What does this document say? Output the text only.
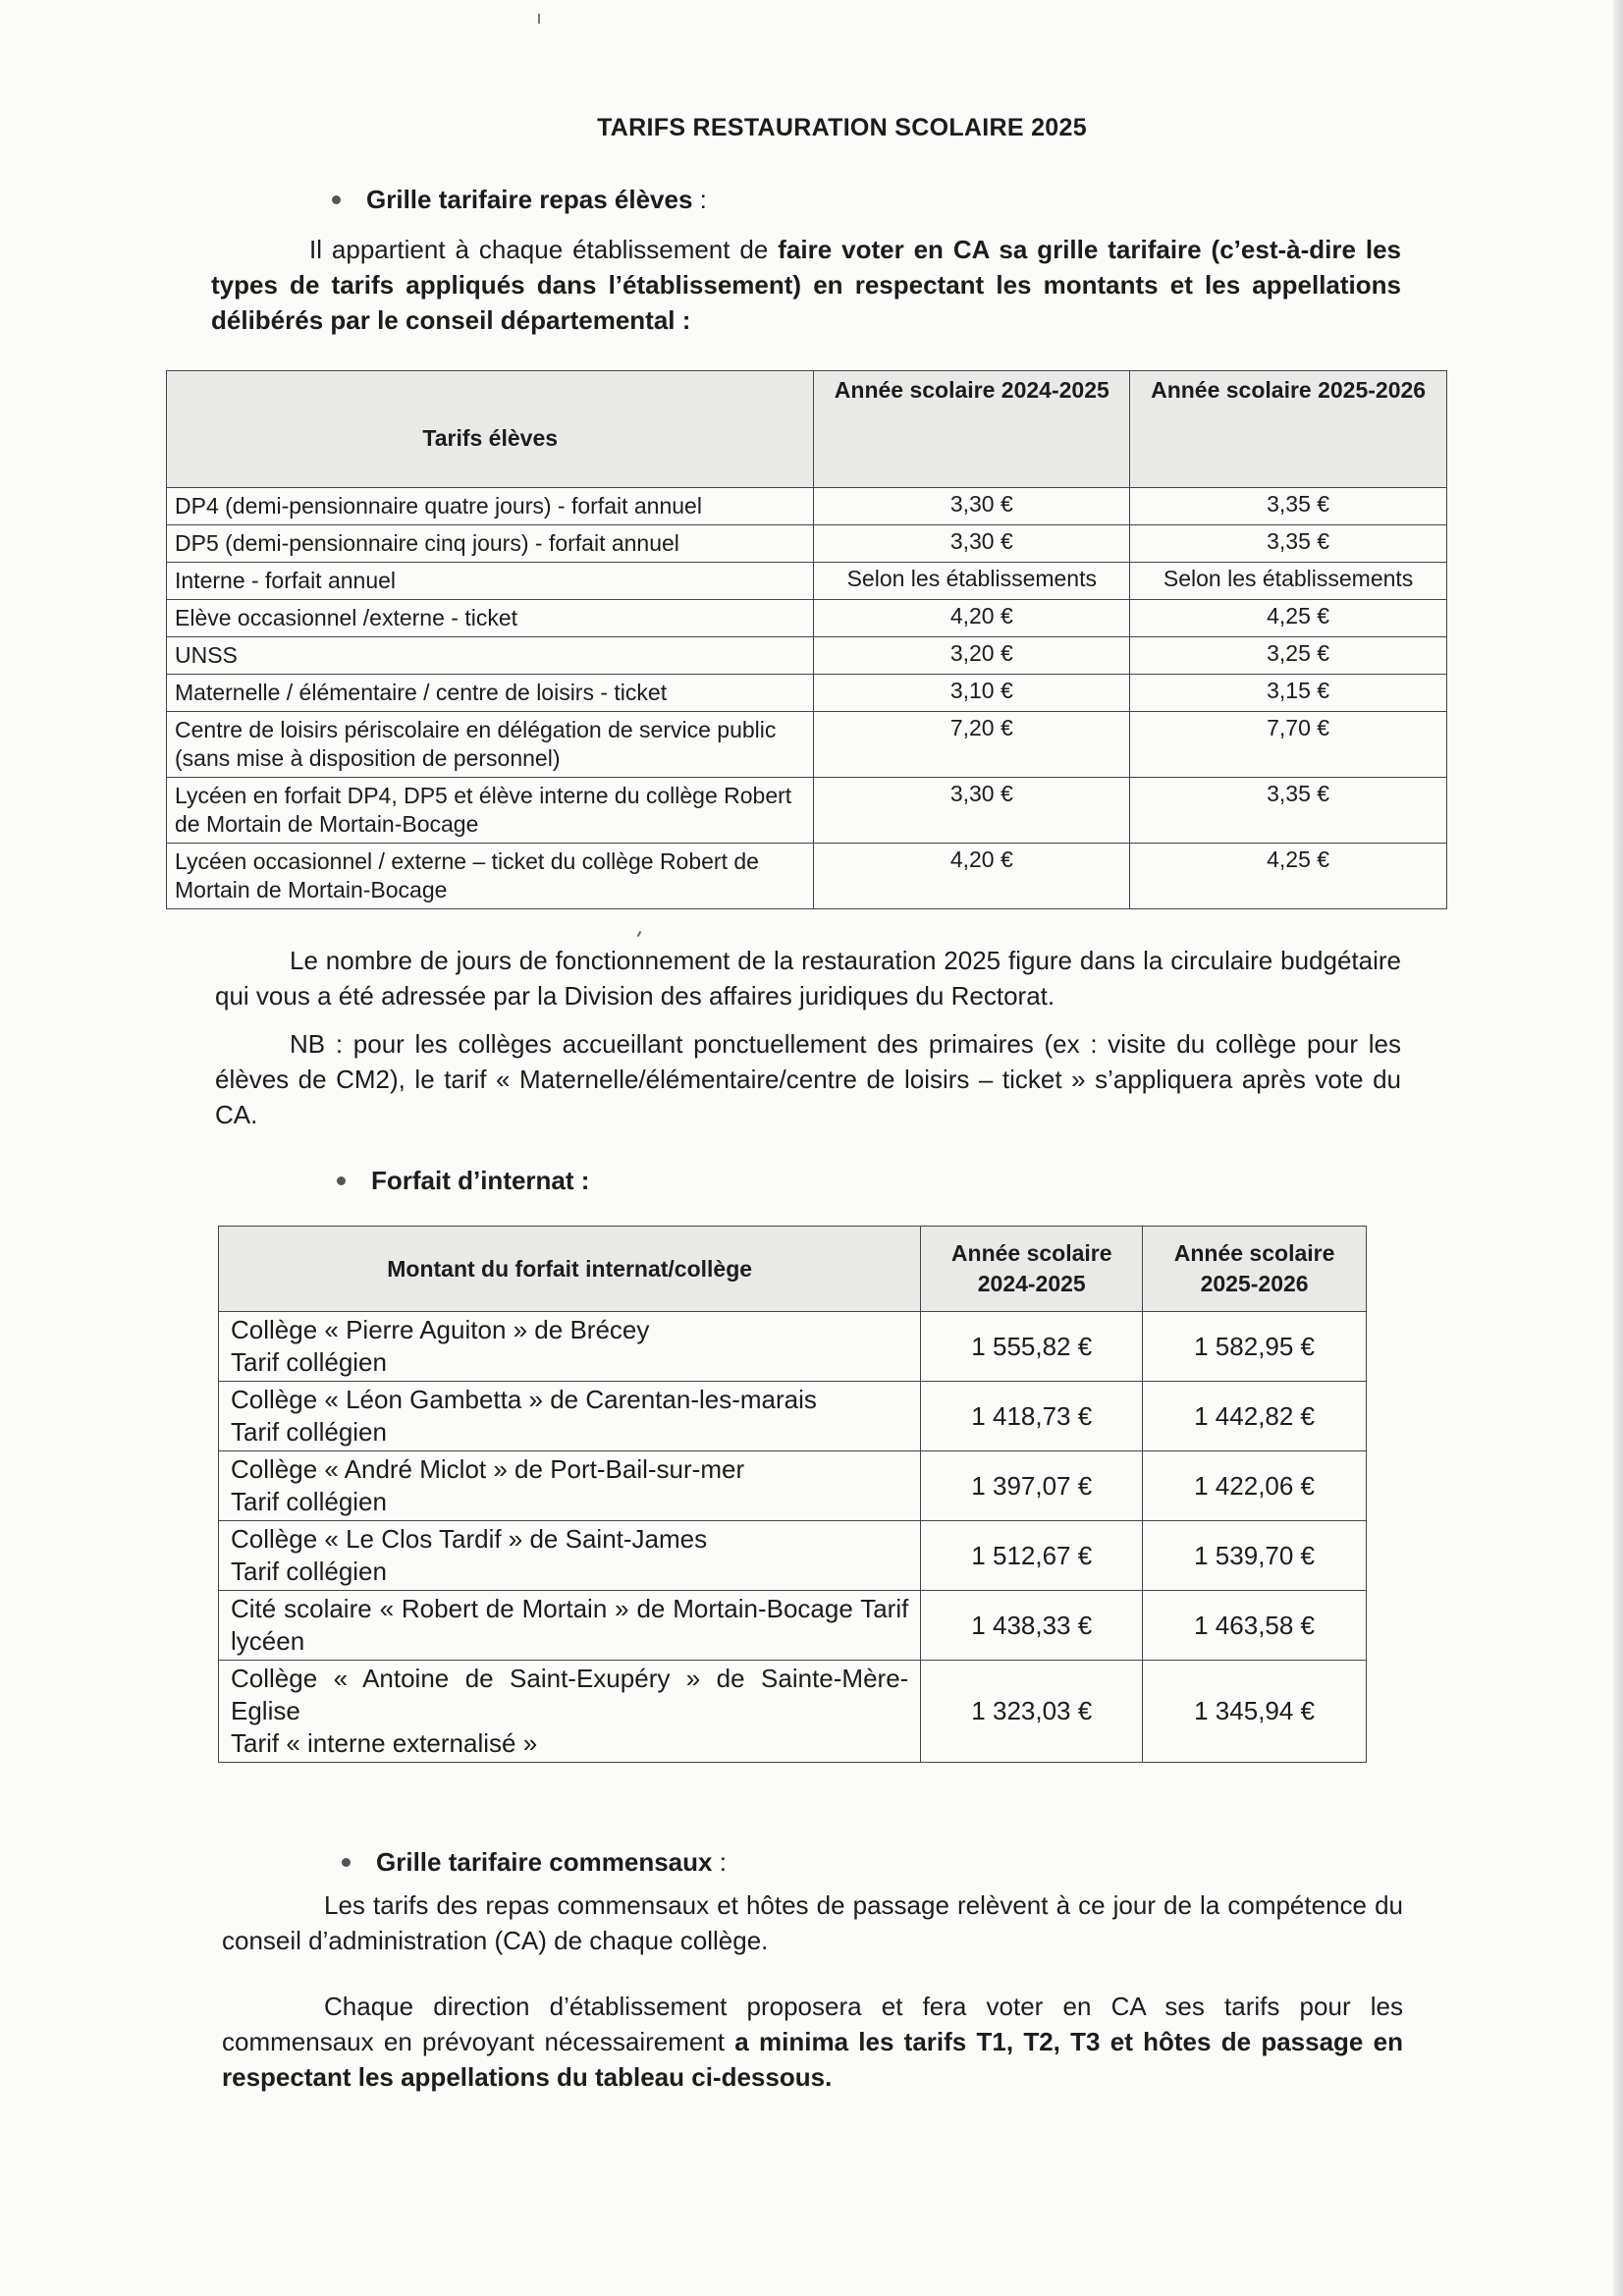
TARIFS RESTAURATION SCOLAIRE 2025
Grille tarifaire repas élèves :
Il appartient à chaque établissement de faire voter en CA sa grille tarifaire (c’est-à-dire les types de tarifs appliqués dans l’établissement) en respectant les montants et les appellations délibérés par le conseil départemental :
Tarifs élèves	Année scolaire 2024-2025	Année scolaire 2025-2026
DP4 (demi-pensionnaire quatre jours) - forfait annuel	3,30 €	3,35 €
DP5 (demi-pensionnaire cinq jours) - forfait annuel	3,30 €	3,35 €
Interne - forfait annuel	Selon les établissements	Selon les établissements
Elève occasionnel /externe - ticket	4,20 €	4,25 €
UNSS	3,20 €	3,25 €
Maternelle / élémentaire / centre de loisirs - ticket	3,10 €	3,15 €
Centre de loisirs périscolaire en délégation de service public (sans mise à disposition de personnel)	7,20 €	7,70 €
Lycéen en forfait DP4, DP5 et élève interne du collège Robert de Mortain de Mortain-Bocage	3,30 €	3,35 €
Lycéen occasionnel / externe – ticket du collège Robert de Mortain de Mortain-Bocage	4,20 €	4,25 €
Le nombre de jours de fonctionnement de la restauration 2025 figure dans la circulaire budgétaire qui vous a été adressée par la Division des affaires juridiques du Rectorat.
NB : pour les collèges accueillant ponctuellement des primaires (ex : visite du collège pour les élèves de CM2), le tarif « Maternelle/élémentaire/centre de loisirs – ticket » s’appliquera après vote du CA.
Forfait d’internat :
Montant du forfait internat/collège	Année scolaire 2024-2025	Année scolaire 2025-2026

Collège « Pierre Aguiton » de Brécey
Tarif collégien	1 555,82 €	1 582,95 €

Collège « Léon Gambetta » de Carentan-les-marais
Tarif collégien	1 418,73 €	1 442,82 €

Collège « André Miclot » de Port-Bail-sur-mer
Tarif collégien	1 397,07 €	1 422,06 €

Collège « Le Clos Tardif » de Saint-James
Tarif collégien	1 512,67 €	1 539,70 €

Cité scolaire « Robert de Mortain » de Mortain-Bocage Tarif lycéen	1 438,33 €	1 463,58 €

Collège « Antoine de Saint-Exupéry » de Sainte-Mère-Eglise
Tarif « interne externalisé »	1 323,03 €	1 345,94 €
Grille tarifaire commensaux :
Les tarifs des repas commensaux et hôtes de passage relèvent à ce jour de la compétence du conseil d’administration (CA) de chaque collège.
Chaque direction d’établissement proposera et fera voter en CA ses tarifs pour les commensaux en prévoyant nécessairement a minima les tarifs T1, T2, T3 et hôtes de passage en respectant les appellations du tableau ci-dessous.
